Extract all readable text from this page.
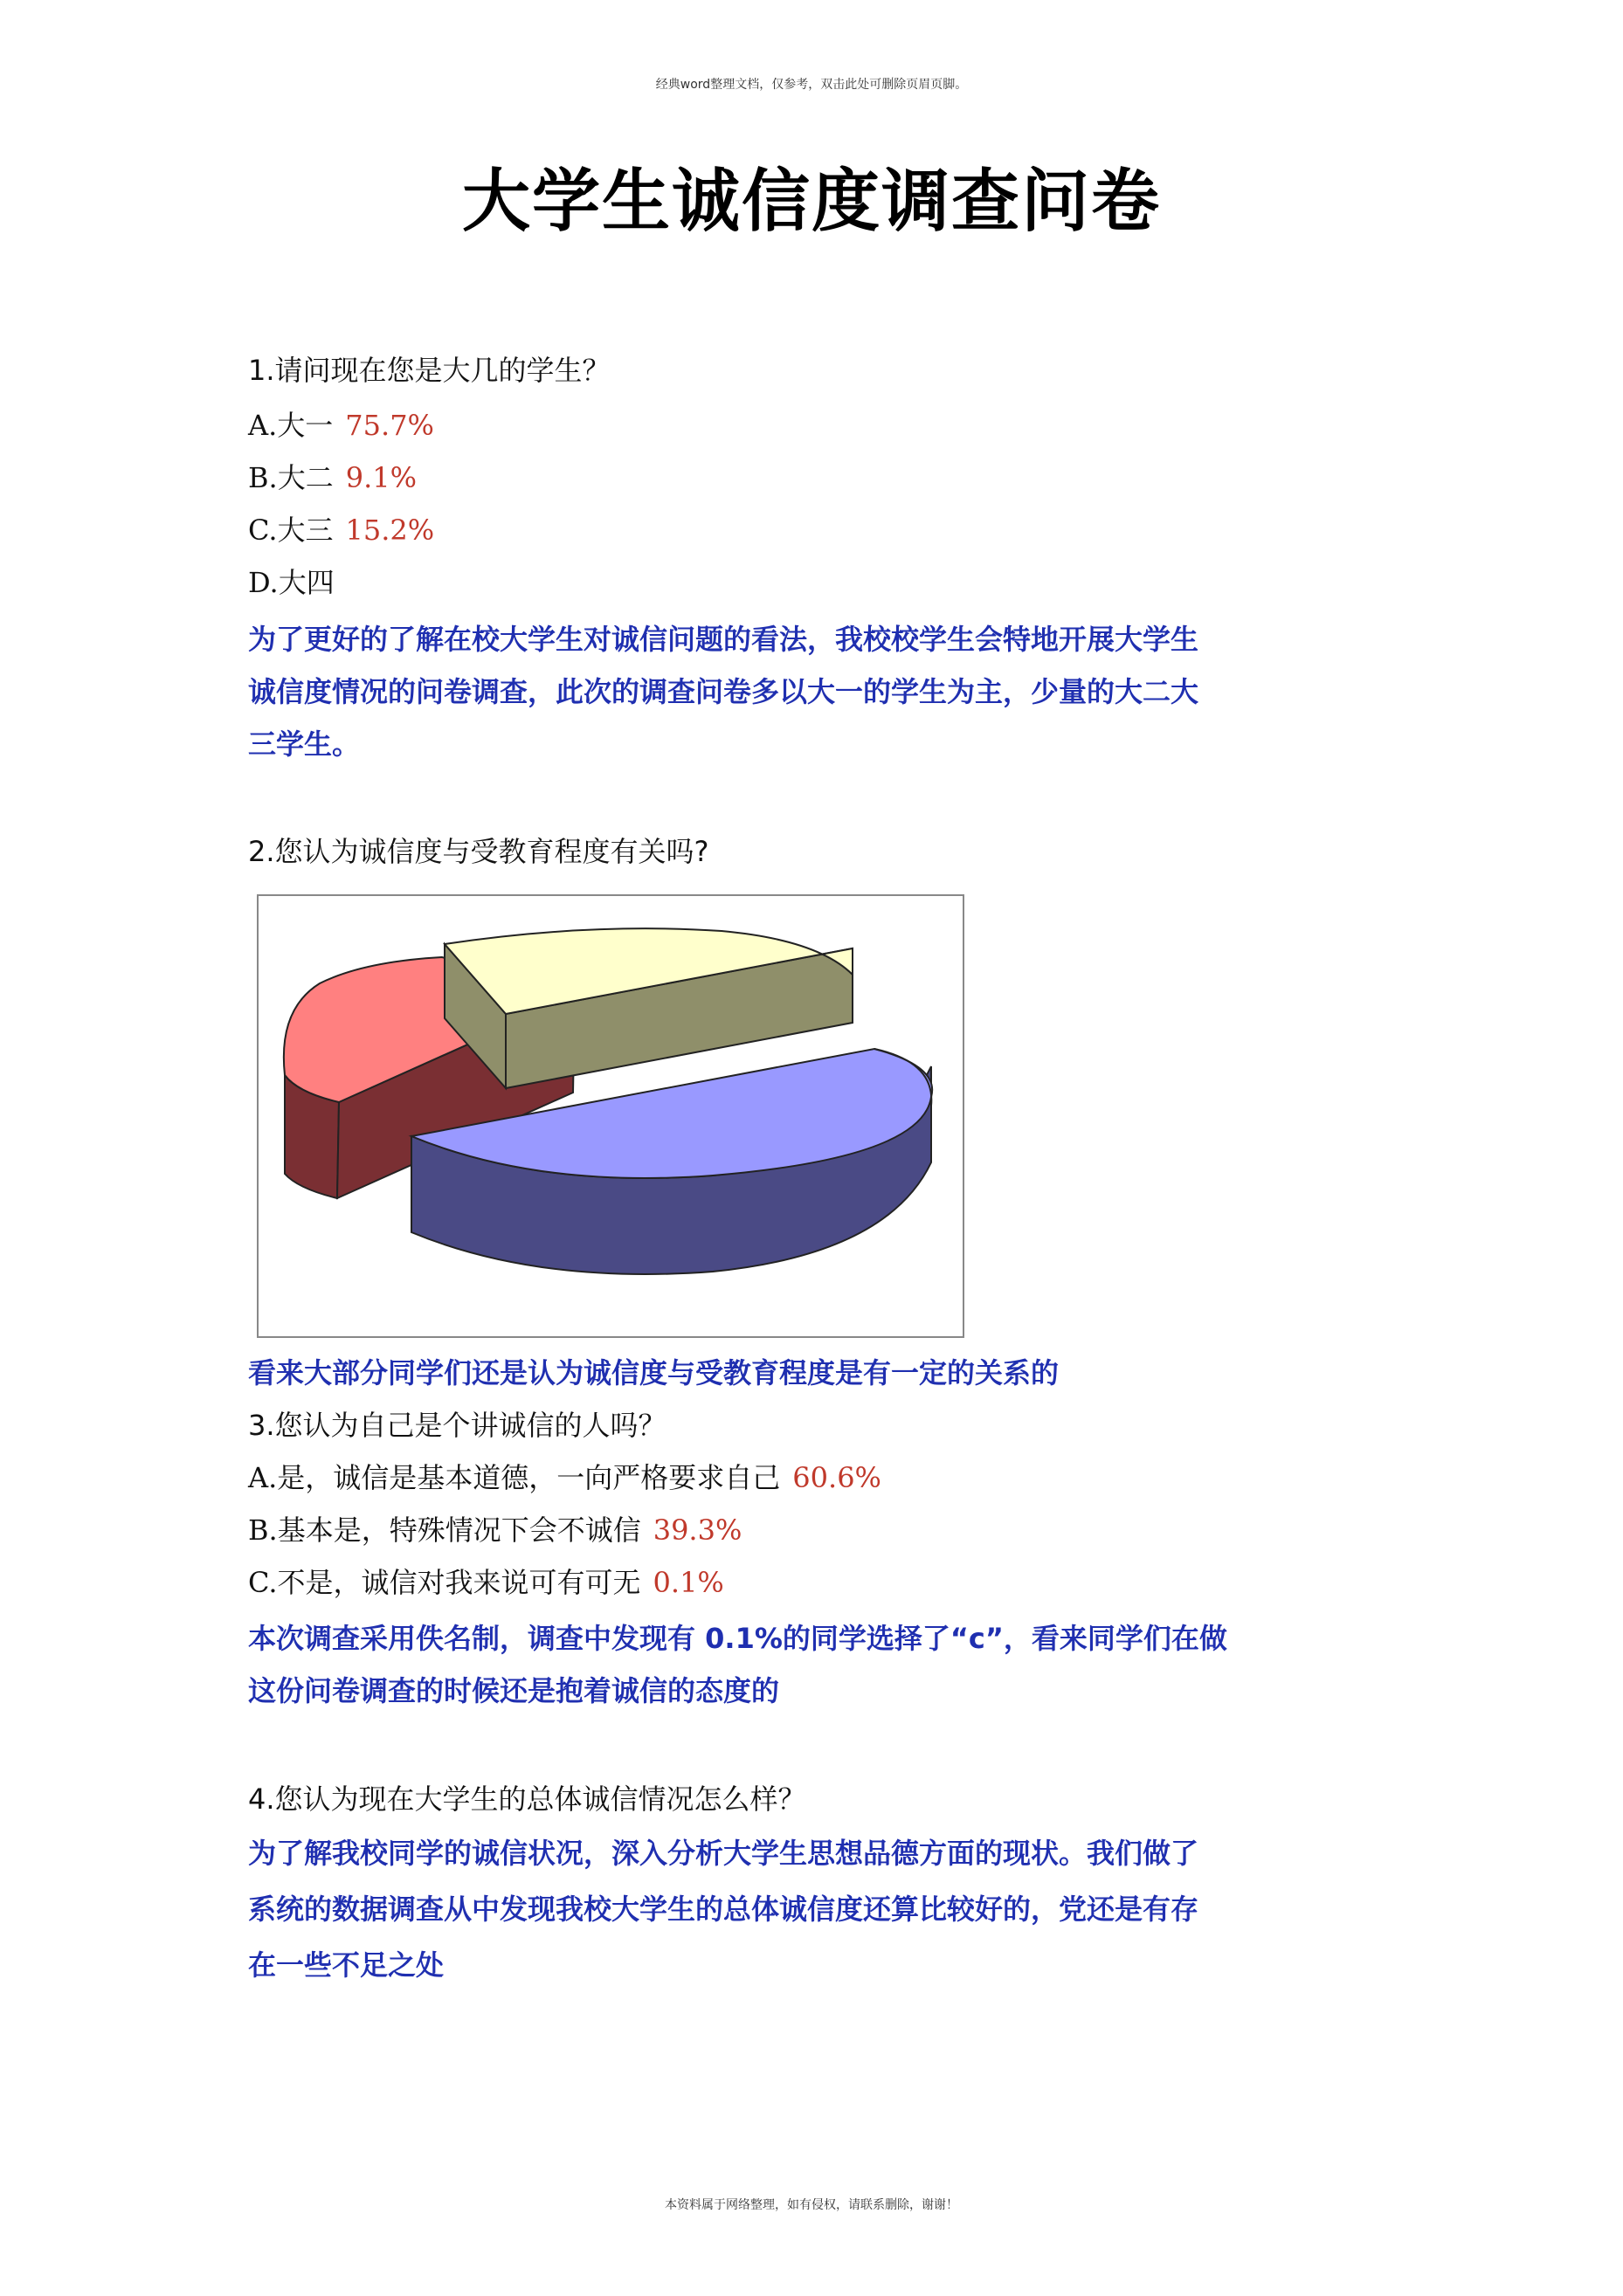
经典word整理文档，仅参考，双击此处可删除页眉页脚。
大学生诚信度调查问卷
1.请问现在您是大几的学生？
A.大一 75.7%
B.大二 9.1%
C.大三 15.2%
D.大四
为了更好的了解在校大学生对诚信问题的看法，我校校学生会特地开展大学生
诚信度情况的问卷调查，此次的调查问卷多以大一的学生为主，少量的大二大
三学生。
2.您认为诚信度与受教育程度有关吗?
看来大部分同学们还是认为诚信度与受教育程度是有一定的关系的
3.您认为自己是个讲诚信的人吗？
A.是，诚信是基本道德，一向严格要求自己 60.6%
B.基本是，特殊情况下会不诚信 39.3%
C.不是，诚信对我来说可有可无 0.1%
本次调查采用佚名制，调查中发现有 0.1%的同学选择了“c”，看来同学们在做
这份问卷调查的时候还是抱着诚信的态度的
4.您认为现在大学生的总体诚信情况怎么样？
为了解我校同学的诚信状况，深入分析大学生思想品德方面的现状。我们做了
系统的数据调查从中发现我校大学生的总体诚信度还算比较好的，党还是有存
在一些不足之处
本资料属于网络整理，如有侵权，请联系删除，谢谢！
